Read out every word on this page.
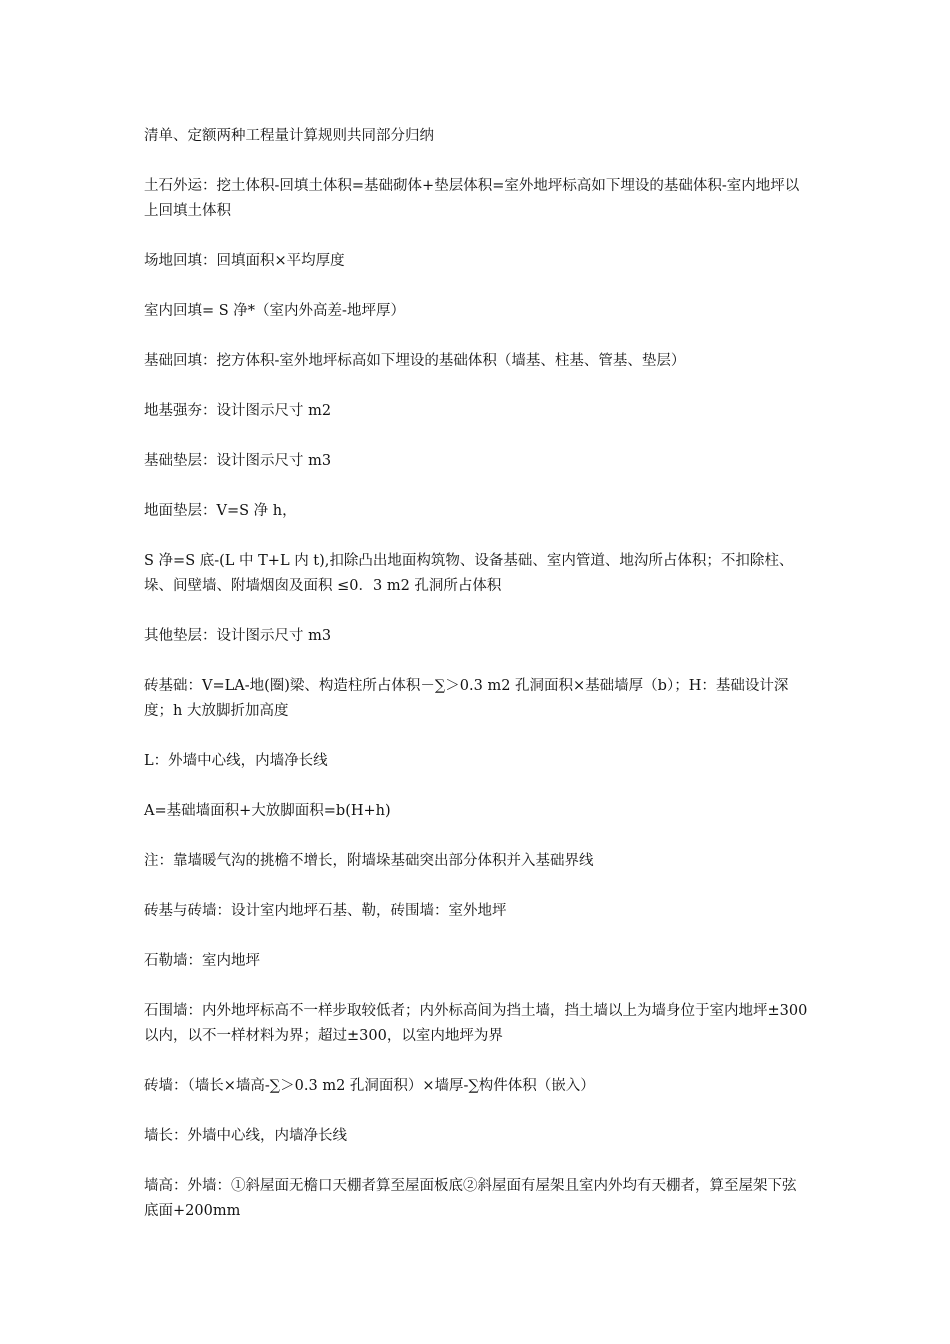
清单、定额两种工程量计算规则共同部分归纳

土石外运：挖土体积-回填土体积=基础砌体+垫层体积=室外地坪标高如下埋设的基础体积-室内地坪以上回填土体积

场地回填：回填面积×平均厚度

室内回填= S 净*（室内外高差-地坪厚）

基础回填：挖方体积-室外地坪标高如下埋设的基础体积（墙基、柱基、管基、垫层）

地基强夯：设计图示尺寸 m2

基础垫层：设计图示尺寸 m3

地面垫层：V=S 净 h，

S 净=S 底-(L 中 T+L 内 t),扣除凸出地面构筑物、设备基础、室内管道、地沟所占体积；不扣除柱、垛、间壁墙、附墙烟囱及面积 ≤0．3 m2 孔洞所占体积

其他垫层：设计图示尺寸 m3

砖基础：V=LA-地(圈)梁、构造柱所占体积－∑＞0.3 m2 孔洞面积×基础墙厚（b）；H：基础设计深度；h 大放脚折加高度

L：外墙中心线，内墙净长线

A=基础墙面积+大放脚面积=b(H+h)

注：靠墙暖气沟的挑檐不增长，附墙垛基础突出部分体积并入基础界线

砖基与砖墙：设计室内地坪石基、勒，砖围墙：室外地坪

石勒墙：室内地坪

石围墙：内外地坪标高不一样步取较低者；内外标高间为挡土墙，挡土墙以上为墙身位于室内地坪±300 以内，以不一样材料为界；超过±300，以室内地坪为界

砖墙：（墙长×墙高-∑＞0.3 m2 孔洞面积）×墙厚-∑构件体积（嵌入）

墙长：外墙中心线，内墙净长线

墙高：外墙：①斜屋面无檐口天棚者算至屋面板底②斜屋面有屋架且室内外均有天棚者，算至屋架下弦底面+200mm
